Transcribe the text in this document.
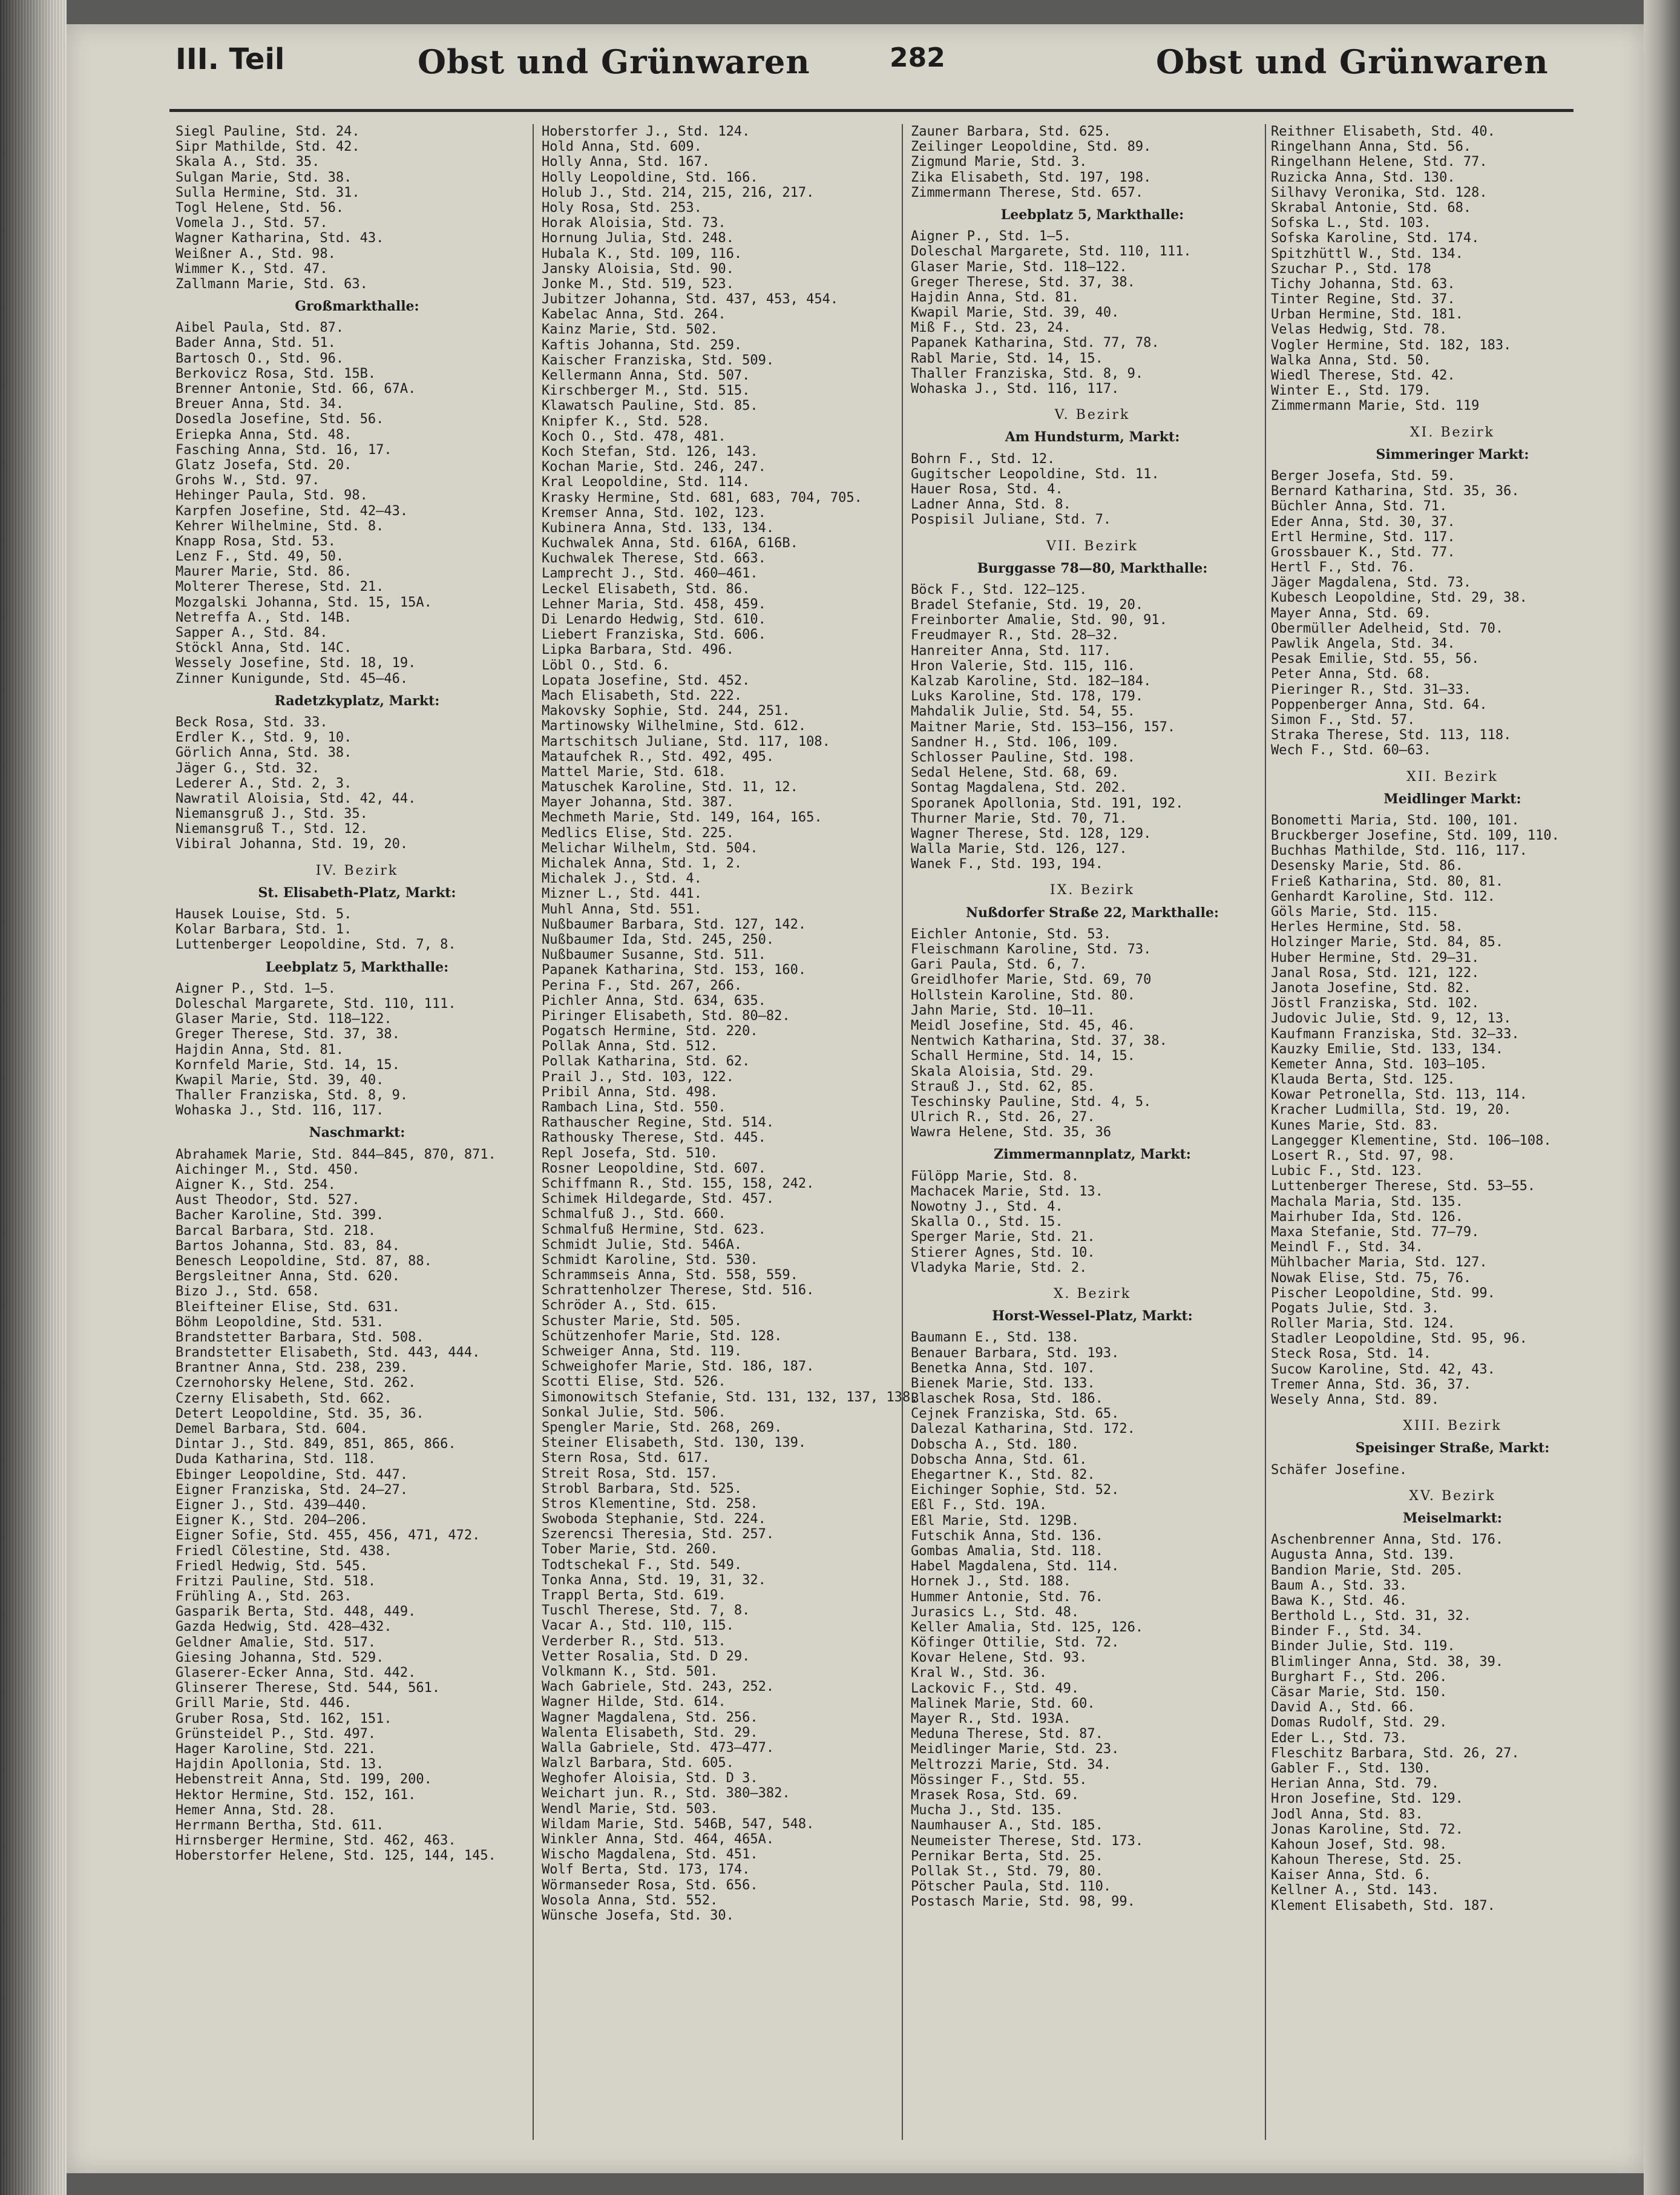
III. Teil	Obst und Grünwaren	282	Obst und Grünwaren
Siegl Pauline, Std. 24.
Sipr Mathilde, Std. 42.
Skala A., Std. 35.
Sulgan Marie, Std. 38.
Sulla Hermine, Std. 31.
Togl Helene, Std. 56.
Vomela J., Std. 57.
Wagner Katharina, Std. 43.
Weißner A., Std. 98.
Wimmer K., Std. 47.
Zallmann Marie, Std. 63.
Großmarkthalle:
Aibel Paula, Std. 87.
Bader Anna, Std. 51.
Bartosch O., Std. 96.
Berkovicz Rosa, Std. 15B.
Brenner Antonie, Std. 66, 67A.
Breuer Anna, Std. 34.
Dosedla Josefine, Std. 56.
Eriepka Anna, Std. 48.
Fasching Anna, Std. 16, 17.
Glatz Josefa, Std. 20.
Grohs W., Std. 97.
Hehinger Paula, Std. 98.
Karpfen Josefine, Std. 42—43.
Kehrer Wilhelmine, Std. 8.
Knapp Rosa, Std. 53.
Lenz F., Std. 49, 50.
Maurer Marie, Std. 86.
Molterer Therese, Std. 21.
Mozgalski Johanna, Std. 15, 15A.
Netreffa A., Std. 14B.
Sapper A., Std. 84.
Stöckl Anna, Std. 14C.
Wessely Josefine, Std. 18, 19.
Zinner Kunigunde, Std. 45—46.
Radetzkyplatz, Markt:
Beck Rosa, Std. 33.
Erdler K., Std. 9, 10.
Görlich Anna, Std. 38.
Jäger G., Std. 32.
Lederer A., Std. 2, 3.
Nawratil Aloisia, Std. 42, 44.
Niemansgruß J., Std. 35.
Niemansgruß T., Std. 12.
Vibiral Johanna, Std. 19, 20.
IV. Bezirk
St. Elisabeth-Platz, Markt:
Hausek Louise, Std. 5.
Kolar Barbara, Std. 1.
Luttenberger Leopoldine, Std. 7, 8.
Leebplatz 5, Markthalle:
Aigner P., Std. 1—5.
Doleschal Margarete, Std. 110, 111.
Glaser Marie, Std. 118—122.
Greger Therese, Std. 37, 38.
Hajdin Anna, Std. 81.
Kornfeld Marie, Std. 14, 15.
Kwapil Marie, Std. 39, 40.
Thaller Franziska, Std. 8, 9.
Wohaska J., Std. 116, 117.
Naschmarkt:
Abrahamek Marie, Std. 844—845, 870, 871.
Aichinger M., Std. 450.
Aigner K., Std. 254.
Aust Theodor, Std. 527.
Bacher Karoline, Std. 399.
Barcal Barbara, Std. 218.
Bartos Johanna, Std. 83, 84.
Benesch Leopoldine, Std. 87, 88.
Bergsleitner Anna, Std. 620.
Bizo J., Std. 658.
Bleifteiner Elise, Std. 631.
Böhm Leopoldine, Std. 531.
Brandstetter Barbara, Std. 508.
Brandstetter Elisabeth, Std. 443, 444.
Brantner Anna, Std. 238, 239.
Czernohorsky Helene, Std. 262.
Czerny Elisabeth, Std. 662.
Detert Leopoldine, Std. 35, 36.
Demel Barbara, Std. 604.
Dintar J., Std. 849, 851, 865, 866.
Duda Katharina, Std. 118.
Ebinger Leopoldine, Std. 447.
Eigner Franziska, Std. 24—27.
Eigner J., Std. 439—440.
Eigner K., Std. 204—206.
Eigner Sofie, Std. 455, 456, 471, 472.
Friedl Cölestine, Std. 438.
Friedl Hedwig, Std. 545.
Fritzi Pauline, Std. 518.
Frühling A., Std. 263.
Gasparik Berta, Std. 448, 449.
Gazda Hedwig, Std. 428—432.
Geldner Amalie, Std. 517.
Giesing Johanna, Std. 529.
Glaserer-Ecker Anna, Std. 442.
Glinserer Therese, Std. 544, 561.
Grill Marie, Std. 446.
Gruber Rosa, Std. 162, 151.
Grünsteidel P., Std. 497.
Hager Karoline, Std. 221.
Hajdin Apollonia, Std. 13.
Hebenstreit Anna, Std. 199, 200.
Hektor Hermine, Std. 152, 161.
Hemer Anna, Std. 28.
Herrmann Bertha, Std. 611.
Hirnsberger Hermine, Std. 462, 463.
Hoberstorfer Helene, Std. 125, 144, 145.
Hoberstorfer J., Std. 124.
Hold Anna, Std. 609.
Holly Anna, Std. 167.
Holly Leopoldine, Std. 166.
Holub J., Std. 214, 215, 216, 217.
Holy Rosa, Std. 253.
Horak Aloisia, Std. 73.
Hornung Julia, Std. 248.
Hubala K., Std. 109, 116.
Jansky Aloisia, Std. 90.
Jonke M., Std. 519, 523.
Jubitzer Johanna, Std. 437, 453, 454.
Kabelac Anna, Std. 264.
Kainz Marie, Std. 502.
Kaftis Johanna, Std. 259.
Kaischer Franziska, Std. 509.
Kellermann Anna, Std. 507.
Kirschberger M., Std. 515.
Klawatsch Pauline, Std. 85.
Knipfer K., Std. 528.
Koch O., Std. 478, 481.
Koch Stefan, Std. 126, 143.
Kochan Marie, Std. 246, 247.
Kral Leopoldine, Std. 114.
Krasky Hermine, Std. 681, 683, 704, 705.
Kremser Anna, Std. 102, 123.
Kubinera Anna, Std. 133, 134.
Kuchwalek Anna, Std. 616A, 616B.
Kuchwalek Therese, Std. 663.
Lamprecht J., Std. 460—461.
Leckel Elisabeth, Std. 86.
Lehner Maria, Std. 458, 459.
Di Lenardo Hedwig, Std. 610.
Liebert Franziska, Std. 606.
Lipka Barbara, Std. 496.
Löbl O., Std. 6.
Lopata Josefine, Std. 452.
Mach Elisabeth, Std. 222.
Makovsky Sophie, Std. 244, 251.
Martinowsky Wilhelmine, Std. 612.
Martschitsch Juliane, Std. 117, 108.
Mataufchek R., Std. 492, 495.
Mattel Marie, Std. 618.
Matuschek Karoline, Std. 11, 12.
Mayer Johanna, Std. 387.
Mechmeth Marie, Std. 149, 164, 165.
Medlics Elise, Std. 225.
Melichar Wilhelm, Std. 504.
Michalek Anna, Std. 1, 2.
Michalek J., Std. 4.
Mizner L., Std. 441.
Muhl Anna, Std. 551.
Nußbaumer Barbara, Std. 127, 142.
Nußbaumer Ida, Std. 245, 250.
Nußbaumer Susanne, Std. 511.
Papanek Katharina, Std. 153, 160.
Perina F., Std. 267, 266.
Pichler Anna, Std. 634, 635.
Piringer Elisabeth, Std. 80—82.
Pogatsch Hermine, Std. 220.
Pollak Anna, Std. 512.
Pollak Katharina, Std. 62.
Prail J., Std. 103, 122.
Pribil Anna, Std. 498.
Rambach Lina, Std. 550.
Rathauscher Regine, Std. 514.
Rathousky Therese, Std. 445.
Repl Josefa, Std. 510.
Rosner Leopoldine, Std. 607.
Schiffmann R., Std. 155, 158, 242.
Schimek Hildegarde, Std. 457.
Schmalfuß J., Std. 660.
Schmalfuß Hermine, Std. 623.
Schmidt Julie, Std. 546A.
Schmidt Karoline, Std. 530.
Schrammseis Anna, Std. 558, 559.
Schrattenholzer Therese, Std. 516.
Schröder A., Std. 615.
Schuster Marie, Std. 505.
Schützenhofer Marie, Std. 128.
Schweiger Anna, Std. 119.
Schweighofer Marie, Std. 186, 187.
Scotti Elise, Std. 526.
Simonowitsch Stefanie, Std. 131, 132, 137, 138.
Sonkal Julie, Std. 506.
Spengler Marie, Std. 268, 269.
Steiner Elisabeth, Std. 130, 139.
Stern Rosa, Std. 617.
Streit Rosa, Std. 157.
Strobl Barbara, Std. 525.
Stros Klementine, Std. 258.
Swoboda Stephanie, Std. 224.
Szerencsi Theresia, Std. 257.
Tober Marie, Std. 260.
Todtschekal F., Std. 549.
Tonka Anna, Std. 19, 31, 32.
Trappl Berta, Std. 619.
Tuschl Therese, Std. 7, 8.
Vacar A., Std. 110, 115.
Verderber R., Std. 513.
Vetter Rosalia, Std. D 29.
Volkmann K., Std. 501.
Wach Gabriele, Std. 243, 252.
Wagner Hilde, Std. 614.
Wagner Magdalena, Std. 256.
Walenta Elisabeth, Std. 29.
Walla Gabriele, Std. 473—477.
Walzl Barbara, Std. 605.
Weghofer Aloisia, Std. D 3.
Weichart jun. R., Std. 380—382.
Wendl Marie, Std. 503.
Wildam Marie, Std. 546B, 547, 548.
Winkler Anna, Std. 464, 465A.
Wischo Magdalena, Std. 451.
Wolf Berta, Std. 173, 174.
Wörmanseder Rosa, Std. 656.
Wosola Anna, Std. 552.
Wünsche Josefa, Std. 30.
Zauner Barbara, Std. 625.
Zeilinger Leopoldine, Std. 89.
Zigmund Marie, Std. 3.
Zika Elisabeth, Std. 197, 198.
Zimmermann Therese, Std. 657.
Leebplatz 5, Markthalle:
Aigner P., Std. 1—5.
Doleschal Margarete, Std. 110, 111.
Glaser Marie, Std. 118—122.
Greger Therese, Std. 37, 38.
Hajdin Anna, Std. 81.
Kwapil Marie, Std. 39, 40.
Miß F., Std. 23, 24.
Papanek Katharina, Std. 77, 78.
Rabl Marie, Std. 14, 15.
Thaller Franziska, Std. 8, 9.
Wohaska J., Std. 116, 117.
V. Bezirk
Am Hundsturm, Markt:
Bohrn F., Std. 12.
Gugitscher Leopoldine, Std. 11.
Hauer Rosa, Std. 4.
Ladner Anna, Std. 8.
Pospisil Juliane, Std. 7.
VII. Bezirk
Burggasse 78—80, Markthalle:
Böck F., Std. 122—125.
Bradel Stefanie, Std. 19, 20.
Freinborter Amalie, Std. 90, 91.
Freudmayer R., Std. 28—32.
Hanreiter Anna, Std. 117.
Hron Valerie, Std. 115, 116.
Kalzab Karoline, Std. 182—184.
Luks Karoline, Std. 178, 179.
Mahdalik Julie, Std. 54, 55.
Maitner Marie, Std. 153—156, 157.
Sandner H., Std. 106, 109.
Schlosser Pauline, Std. 198.
Sedal Helene, Std. 68, 69.
Sontag Magdalena, Std. 202.
Sporanek Apollonia, Std. 191, 192.
Thurner Marie, Std. 70, 71.
Wagner Therese, Std. 128, 129.
Walla Marie, Std. 126, 127.
Wanek F., Std. 193, 194.
IX. Bezirk
Nußdorfer Straße 22, Markthalle:
Eichler Antonie, Std. 53.
Fleischmann Karoline, Std. 73.
Gari Paula, Std. 6, 7.
Greidlhofer Marie, Std. 69, 70
Hollstein Karoline, Std. 80.
Jahn Marie, Std. 10—11.
Meidl Josefine, Std. 45, 46.
Nentwich Katharina, Std. 37, 38.
Schall Hermine, Std. 14, 15.
Skala Aloisia, Std. 29.
Strauß J., Std. 62, 85.
Teschinsky Pauline, Std. 4, 5.
Ulrich R., Std. 26, 27.
Wawra Helene, Std. 35, 36
Zimmermannplatz, Markt:
Fülöpp Marie, Std. 8.
Machacek Marie, Std. 13.
Nowotny J., Std. 4.
Skalla O., Std. 15.
Sperger Marie, Std. 21.
Stierer Agnes, Std. 10.
Vladyka Marie, Std. 2.
X. Bezirk
Horst-Wessel-Platz, Markt:
Baumann E., Std. 138.
Benauer Barbara, Std. 193.
Benetka Anna, Std. 107.
Bienek Marie, Std. 133.
Blaschek Rosa, Std. 186.
Cejnek Franziska, Std. 65.
Dalezal Katharina, Std. 172.
Dobscha A., Std. 180.
Dobscha Anna, Std. 61.
Ehegartner K., Std. 82.
Eichinger Sophie, Std. 52.
Eßl F., Std. 19A.
Eßl Marie, Std. 129B.
Futschik Anna, Std. 136.
Gombas Amalia, Std. 118.
Habel Magdalena, Std. 114.
Hornek J., Std. 188.
Hummer Antonie, Std. 76.
Jurasics L., Std. 48.
Keller Amalia, Std. 125, 126.
Köfinger Ottilie, Std. 72.
Kovar Helene, Std. 93.
Kral W., Std. 36.
Lackovic F., Std. 49.
Malinek Marie, Std. 60.
Mayer R., Std. 193A.
Meduna Therese, Std. 87.
Meidlinger Marie, Std. 23.
Meltrozzi Marie, Std. 34.
Mössinger F., Std. 55.
Mrasek Rosa, Std. 69.
Mucha J., Std. 135.
Naumhauser A., Std. 185.
Neumeister Therese, Std. 173.
Pernikar Berta, Std. 25.
Pollak St., Std. 79, 80.
Pötscher Paula, Std. 110.
Postasch Marie, Std. 98, 99.
Reithner Elisabeth, Std. 40.
Ringelhann Anna, Std. 56.
Ringelhann Helene, Std. 77.
Ruzicka Anna, Std. 130.
Silhavy Veronika, Std. 128.
Skrabal Antonie, Std. 68.
Sofska L., Std. 103.
Sofska Karoline, Std. 174.
Spitzhüttl W., Std. 134.
Szuchar P., Std. 178
Tichy Johanna, Std. 63.
Tinter Regine, Std. 37.
Urban Hermine, Std. 181.
Velas Hedwig, Std. 78.
Vogler Hermine, Std. 182, 183.
Walka Anna, Std. 50.
Wiedl Therese, Std. 42.
Winter E., Std. 179.
Zimmermann Marie, Std. 119
XI. Bezirk
Simmeringer Markt:
Berger Josefa, Std. 59.
Bernard Katharina, Std. 35, 36.
Büchler Anna, Std. 71.
Eder Anna, Std. 30, 37.
Ertl Hermine, Std. 117.
Grossbauer K., Std. 77.
Hertl F., Std. 76.
Jäger Magdalena, Std. 73.
Kubesch Leopoldine, Std. 29, 38.
Mayer Anna, Std. 69.
Obermüller Adelheid, Std. 70.
Pawlik Angela, Std. 34.
Pesak Emilie, Std. 55, 56.
Peter Anna, Std. 68.
Pieringer R., Std. 31—33.
Poppenberger Anna, Std. 64.
Simon F., Std. 57.
Straka Therese, Std. 113, 118.
Wech F., Std. 60—63.
XII. Bezirk
Meidlinger Markt:
Bonometti Maria, Std. 100, 101.
Bruckberger Josefine, Std. 109, 110.
Buchhas Mathilde, Std. 116, 117.
Desensky Marie, Std. 86.
Frieß Katharina, Std. 80, 81.
Genhardt Karoline, Std. 112.
Göls Marie, Std. 115.
Herles Hermine, Std. 58.
Holzinger Marie, Std. 84, 85.
Huber Hermine, Std. 29—31.
Janal Rosa, Std. 121, 122.
Janota Josefine, Std. 82.
Jöstl Franziska, Std. 102.
Judovic Julie, Std. 9, 12, 13.
Kaufmann Franziska, Std. 32—33.
Kauzky Emilie, Std. 133, 134.
Kemeter Anna, Std. 103—105.
Klauda Berta, Std. 125.
Kowar Petronella, Std. 113, 114.
Kracher Ludmilla, Std. 19, 20.
Kunes Marie, Std. 83.
Langegger Klementine, Std. 106—108.
Losert R., Std. 97, 98.
Lubic F., Std. 123.
Luttenberger Therese, Std. 53—55.
Machala Maria, Std. 135.
Mairhuber Ida, Std. 126.
Maxa Stefanie, Std. 77—79.
Meindl F., Std. 34.
Mühlbacher Maria, Std. 127.
Nowak Elise, Std. 75, 76.
Pischer Leopoldine, Std. 99.
Pogats Julie, Std. 3.
Roller Maria, Std. 124.
Stadler Leopoldine, Std. 95, 96.
Steck Rosa, Std. 14.
Sucow Karoline, Std. 42, 43.
Tremer Anna, Std. 36, 37.
Wesely Anna, Std. 89.
XIII. Bezirk
Speisinger Straße, Markt:
Schäfer Josefine.
XV. Bezirk
Meiselmarkt:
Aschenbrenner Anna, Std. 176.
Augusta Anna, Std. 139.
Bandion Marie, Std. 205.
Baum A., Std. 33.
Bawa K., Std. 46.
Berthold L., Std. 31, 32.
Binder F., Std. 34.
Binder Julie, Std. 119.
Blimlinger Anna, Std. 38, 39.
Burghart F., Std. 206.
Cäsar Marie, Std. 150.
David A., Std. 66.
Domas Rudolf, Std. 29.
Eder L., Std. 73.
Fleschitz Barbara, Std. 26, 27.
Gabler F., Std. 130.
Herian Anna, Std. 79.
Hron Josefine, Std. 129.
Jodl Anna, Std. 83.
Jonas Karoline, Std. 72.
Kahoun Josef, Std. 98.
Kahoun Therese, Std. 25.
Kaiser Anna, Std. 6.
Kellner A., Std. 143.
Klement Elisabeth, Std. 187.
